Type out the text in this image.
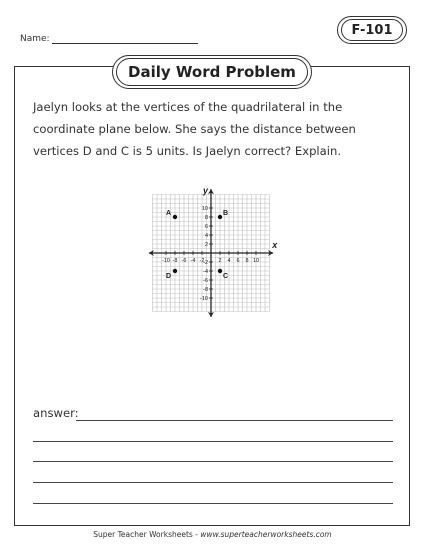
Name:
F-101
Daily Word Problem
Jaelyn looks at the vertices of the quadrilateral in the coordinate plane below. She says the distance between vertices D and C is 5 units. Is Jaelyn correct? Explain.
-10 -8 -6 -4 -2	2 4 6 8 10
10
8
6
4
2
-2
-4
-6
-8
-10
A	B
C
D
x
y
answer:
Super Teacher Worksheets - www.superteacherworksheets.com
